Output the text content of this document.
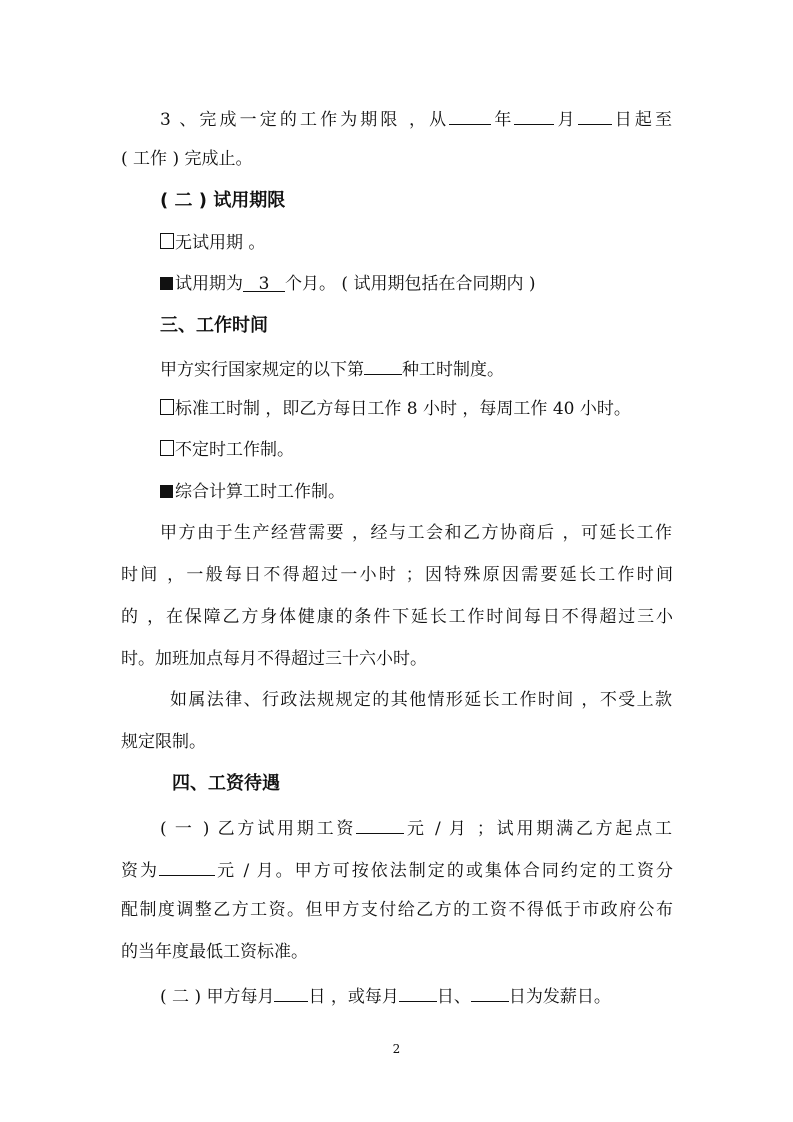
3 、完成一定的工作为期限 ，从 年 月 日起至
( 工作 ) 完成止。
( 二 ) 试用期限
无试用期 。
试用期为 3 个月。 ( 试用期包括在合同期内 )
三、工作时间
甲方实行国家规定的以下第 种工时制度。
标准工时制 ，即乙方每日工作 8 小时 ，每周工作 40 小时。
不定时工作制。
综合计算工时工作制。
甲方由于生产经营需要 ，经与工会和乙方协商后 ，可延长工作
时间 ，一般每日不得超过一小时 ；因特殊原因需要延长工作时间
的 ，在保障乙方身体健康的条件下延长工作时间每日不得超过三小
时。加班加点每月不得超过三十六小时。
如属法律、行政法规规定的其他情形延长工作时间 ，不受上款
规定限制。
四、工资待遇
( 一 ) 乙方试用期工资	元 / 月 ；试用期满乙方起点工
资为	元 / 月。甲方可按依法制定的或集体合同约定的工资分
配制度调整乙方工资。但甲方支付给乙方的工资不得低于市政府公布
的当年度最低工资标准。
( 二 ) 甲方每月 日 ，或每月 日、 日为发薪日。
2
